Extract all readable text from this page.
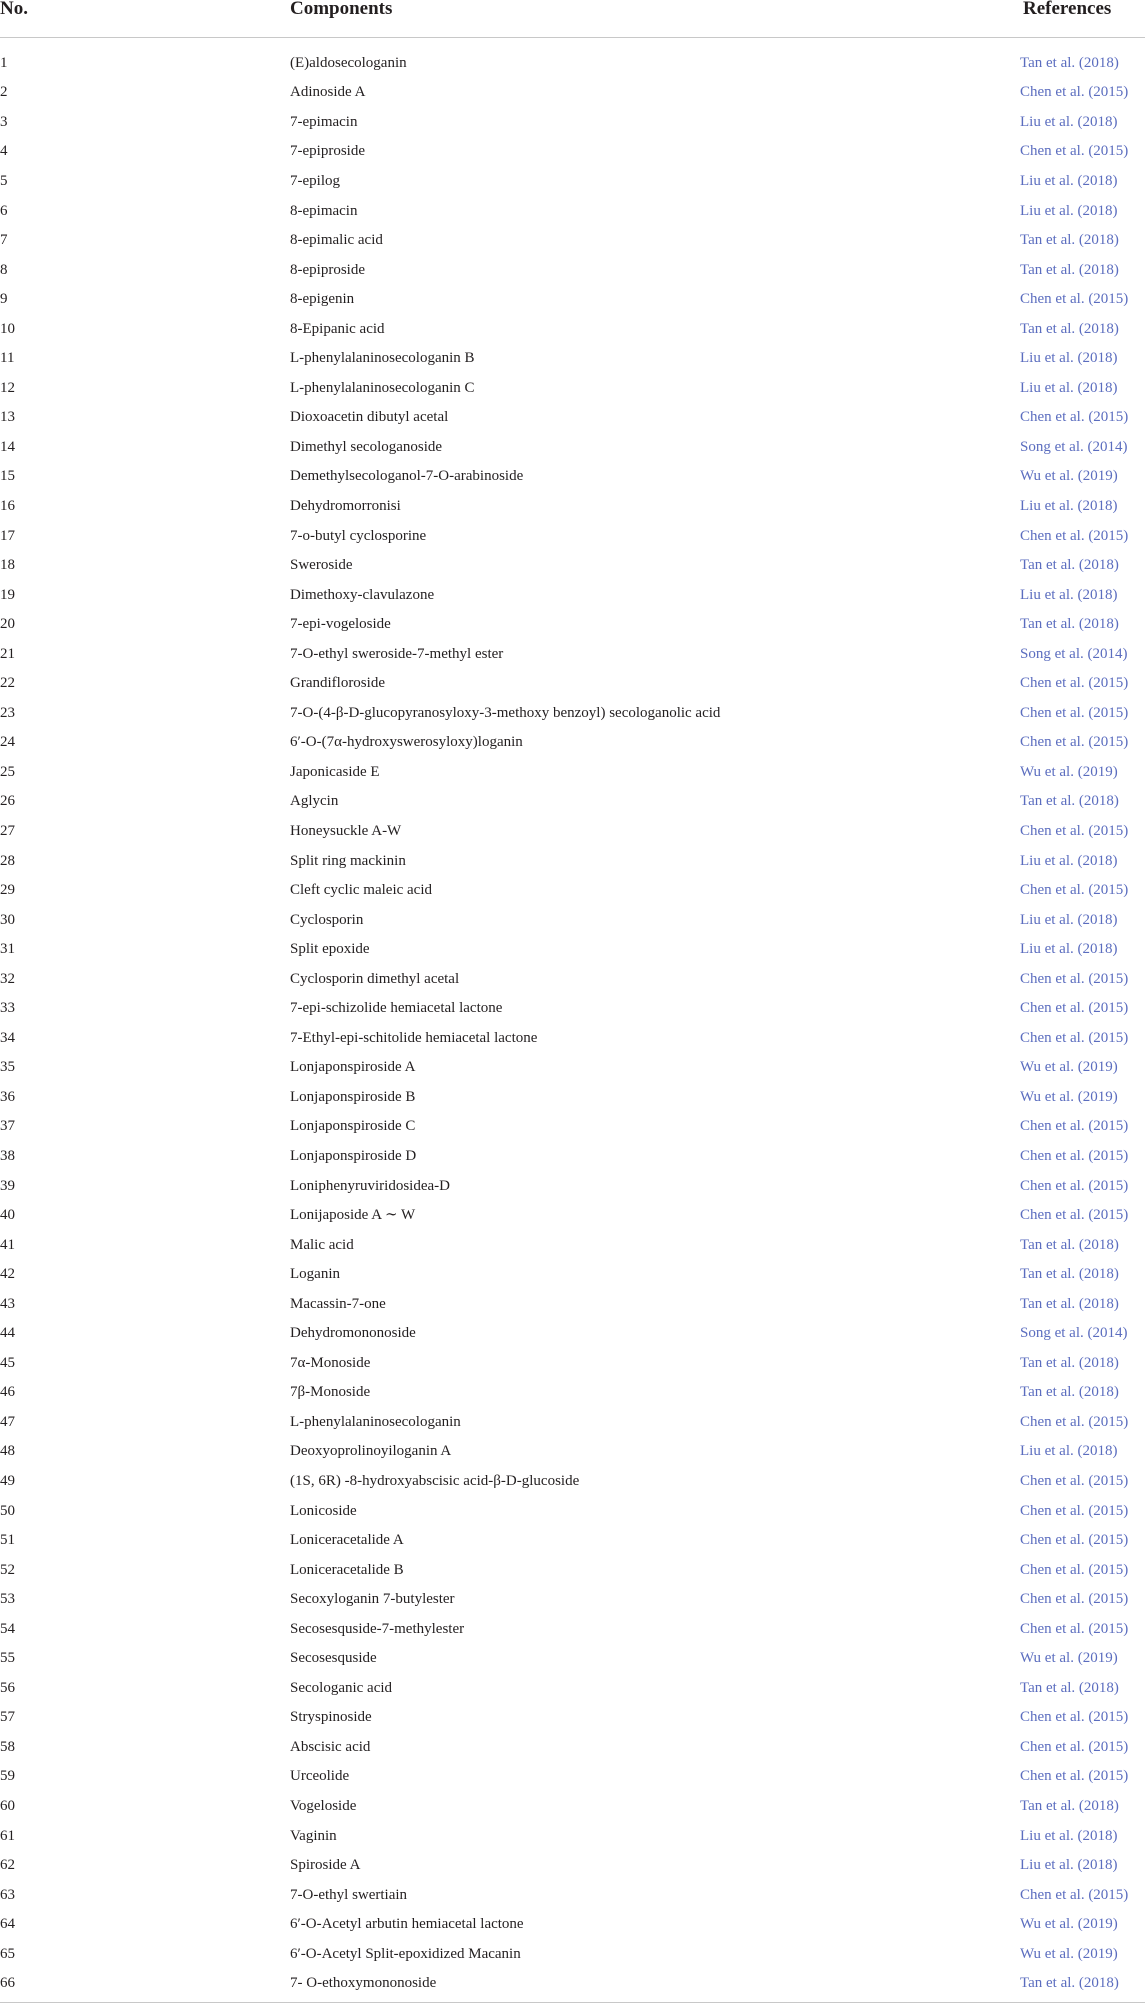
No.	Components	References

1	(E)aldosecologanin	Tan et al. (2018)
2	Adinoside A	Chen et al. (2015)
3	7-epimacin	Liu et al. (2018)
4	7-epiproside	Chen et al. (2015)
5	7-epilog	Liu et al. (2018)
6	8-epimacin	Liu et al. (2018)
7	8-epimalic acid	Tan et al. (2018)
8	8-epiproside	Tan et al. (2018)
9	8-epigenin	Chen et al. (2015)
10	8-Epipanic acid	Tan et al. (2018)
11	L-phenylalaninosecologanin B	Liu et al. (2018)
12	L-phenylalaninosecologanin C	Liu et al. (2018)
13	Dioxoacetin dibutyl acetal	Chen et al. (2015)
14	Dimethyl secologanoside	Song et al. (2014)
15	Demethylsecologanol-7-O-arabinoside	Wu et al. (2019)
16	Dehydromorronisi	Liu et al. (2018)
17	7-o-butyl cyclosporine	Chen et al. (2015)
18	Sweroside	Tan et al. (2018)
19	Dimethoxy-clavulazone	Liu et al. (2018)
20	7-epi-vogeloside	Tan et al. (2018)
21	7-O-ethyl sweroside-7-methyl ester	Song et al. (2014)
22	Grandifloroside	Chen et al. (2015)
23	7-O-(4-β-D-glucopyranosyloxy-3-methoxy benzoyl) secologanolic acid	Chen et al. (2015)
24	6′-O-(7α-hydroxyswerosyloxy)loganin	Chen et al. (2015)
25	Japonicaside E	Wu et al. (2019)
26	Aglycin	Tan et al. (2018)
27	Honeysuckle A-W	Chen et al. (2015)
28	Split ring mackinin	Liu et al. (2018)
29	Cleft cyclic maleic acid	Chen et al. (2015)
30	Cyclosporin	Liu et al. (2018)
31	Split epoxide	Liu et al. (2018)
32	Cyclosporin dimethyl acetal	Chen et al. (2015)
33	7-epi-schizolide hemiacetal lactone	Chen et al. (2015)
34	7-Ethyl-epi-schitolide hemiacetal lactone	Chen et al. (2015)
35	Lonjaponspiroside A	Wu et al. (2019)
36	Lonjaponspiroside B	Wu et al. (2019)
37	Lonjaponspiroside C	Chen et al. (2015)
38	Lonjaponspiroside D	Chen et al. (2015)
39	Loniphenyruviridosidea-D	Chen et al. (2015)
40	Lonijaposide A ∼ W	Chen et al. (2015)
41	Malic acid	Tan et al. (2018)
42	Loganin	Tan et al. (2018)
43	Macassin-7-one	Tan et al. (2018)
44	Dehydromononoside	Song et al. (2014)
45	7α-Monoside	Tan et al. (2018)
46	7β-Monoside	Tan et al. (2018)
47	L-phenylalaninosecologanin	Chen et al. (2015)
48	Deoxyoprolinoyiloganin A	Liu et al. (2018)
49	(1S, 6R) -8-hydroxyabscisic acid-β-D-glucoside	Chen et al. (2015)
50	Lonicoside	Chen et al. (2015)
51	Loniceracetalide A	Chen et al. (2015)
52	Loniceracetalide B	Chen et al. (2015)
53	Secoxyloganin 7-butylester	Chen et al. (2015)
54	Secosesquside-7-methylester	Chen et al. (2015)
55	Secosesquside	Wu et al. (2019)
56	Secologanic acid	Tan et al. (2018)
57	Stryspinoside	Chen et al. (2015)
58	Abscisic acid	Chen et al. (2015)
59	Urceolide	Chen et al. (2015)
60	Vogeloside	Tan et al. (2018)
61	Vaginin	Liu et al. (2018)
62	Spiroside A	Liu et al. (2018)
63	7-O-ethyl swertiain	Chen et al. (2015)
64	6′-O-Acetyl arbutin hemiacetal lactone	Wu et al. (2019)
65	6′-O-Acetyl Split-epoxidized Macanin	Wu et al. (2019)
66	7- O-ethoxymononoside	Tan et al. (2018)
